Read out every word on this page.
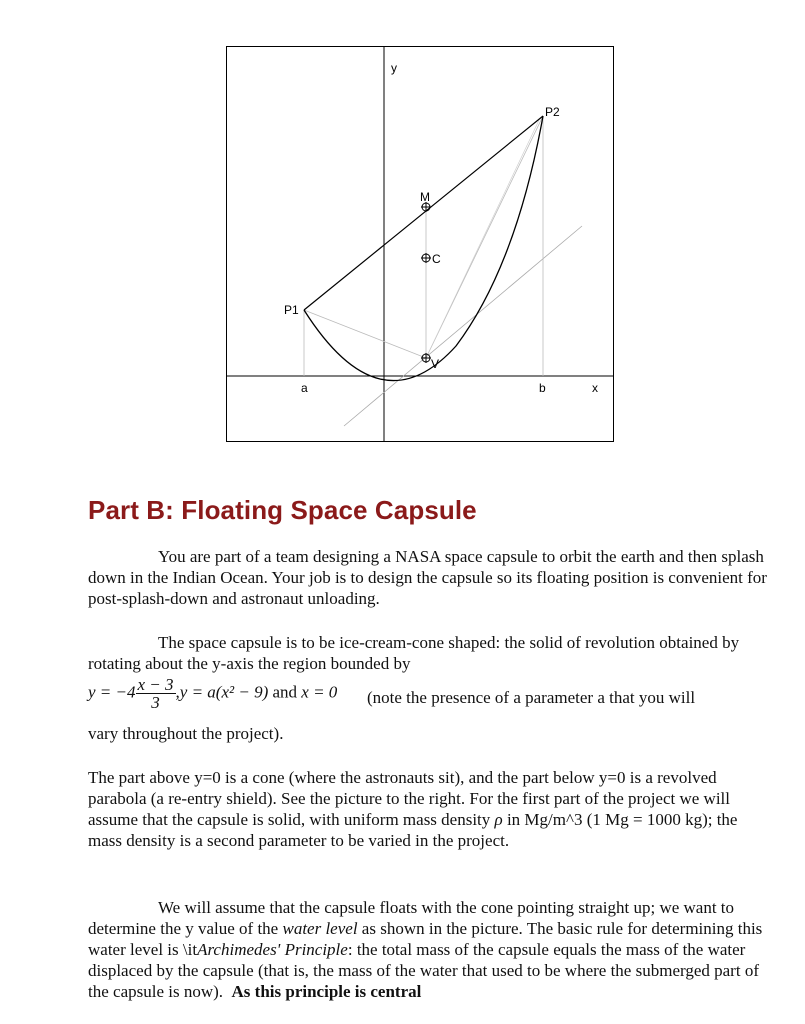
y
x
P2
M
C
P1
V
a	b
Part B: Floating Space Capsule

You are part of a team designing a NASA space capsule to orbit the earth and then splash down in the Indian Ocean. Your job is to design the capsule so its floating position is convenient for post-splash-down and astronaut unloading.

The space capsule is to be ice-cream-cone shaped: the solid of revolution obtained by rotating about the y-axis the region bounded by

$y = -4 \frac{x - 3}{3} ,y = a(x^2 - 9)$ and x = 0	(note the presence of a parameter a that you will
vary throughout the project).

The part above y=0 is a cone (where the astronauts sit), and the part below y=0 is a revolved parabola (a re-entry shield). See the picture to the right. For the first part of the project we will assume that the capsule is solid, with uniform mass density ρ in Mg/m^3 (1 Mg = 1000 kg); the mass density is a second parameter to be varied in the project.

We will assume that the capsule floats with the cone pointing straight up; we want to determine the y value of the water level as shown in the picture. The basic rule for determining this water level is \itArchimedes' Principle: the total mass of the capsule equals the mass of the water displaced by the capsule (that is, the mass of the water that used to be where the submerged part of the capsule is now). As this principle is central
